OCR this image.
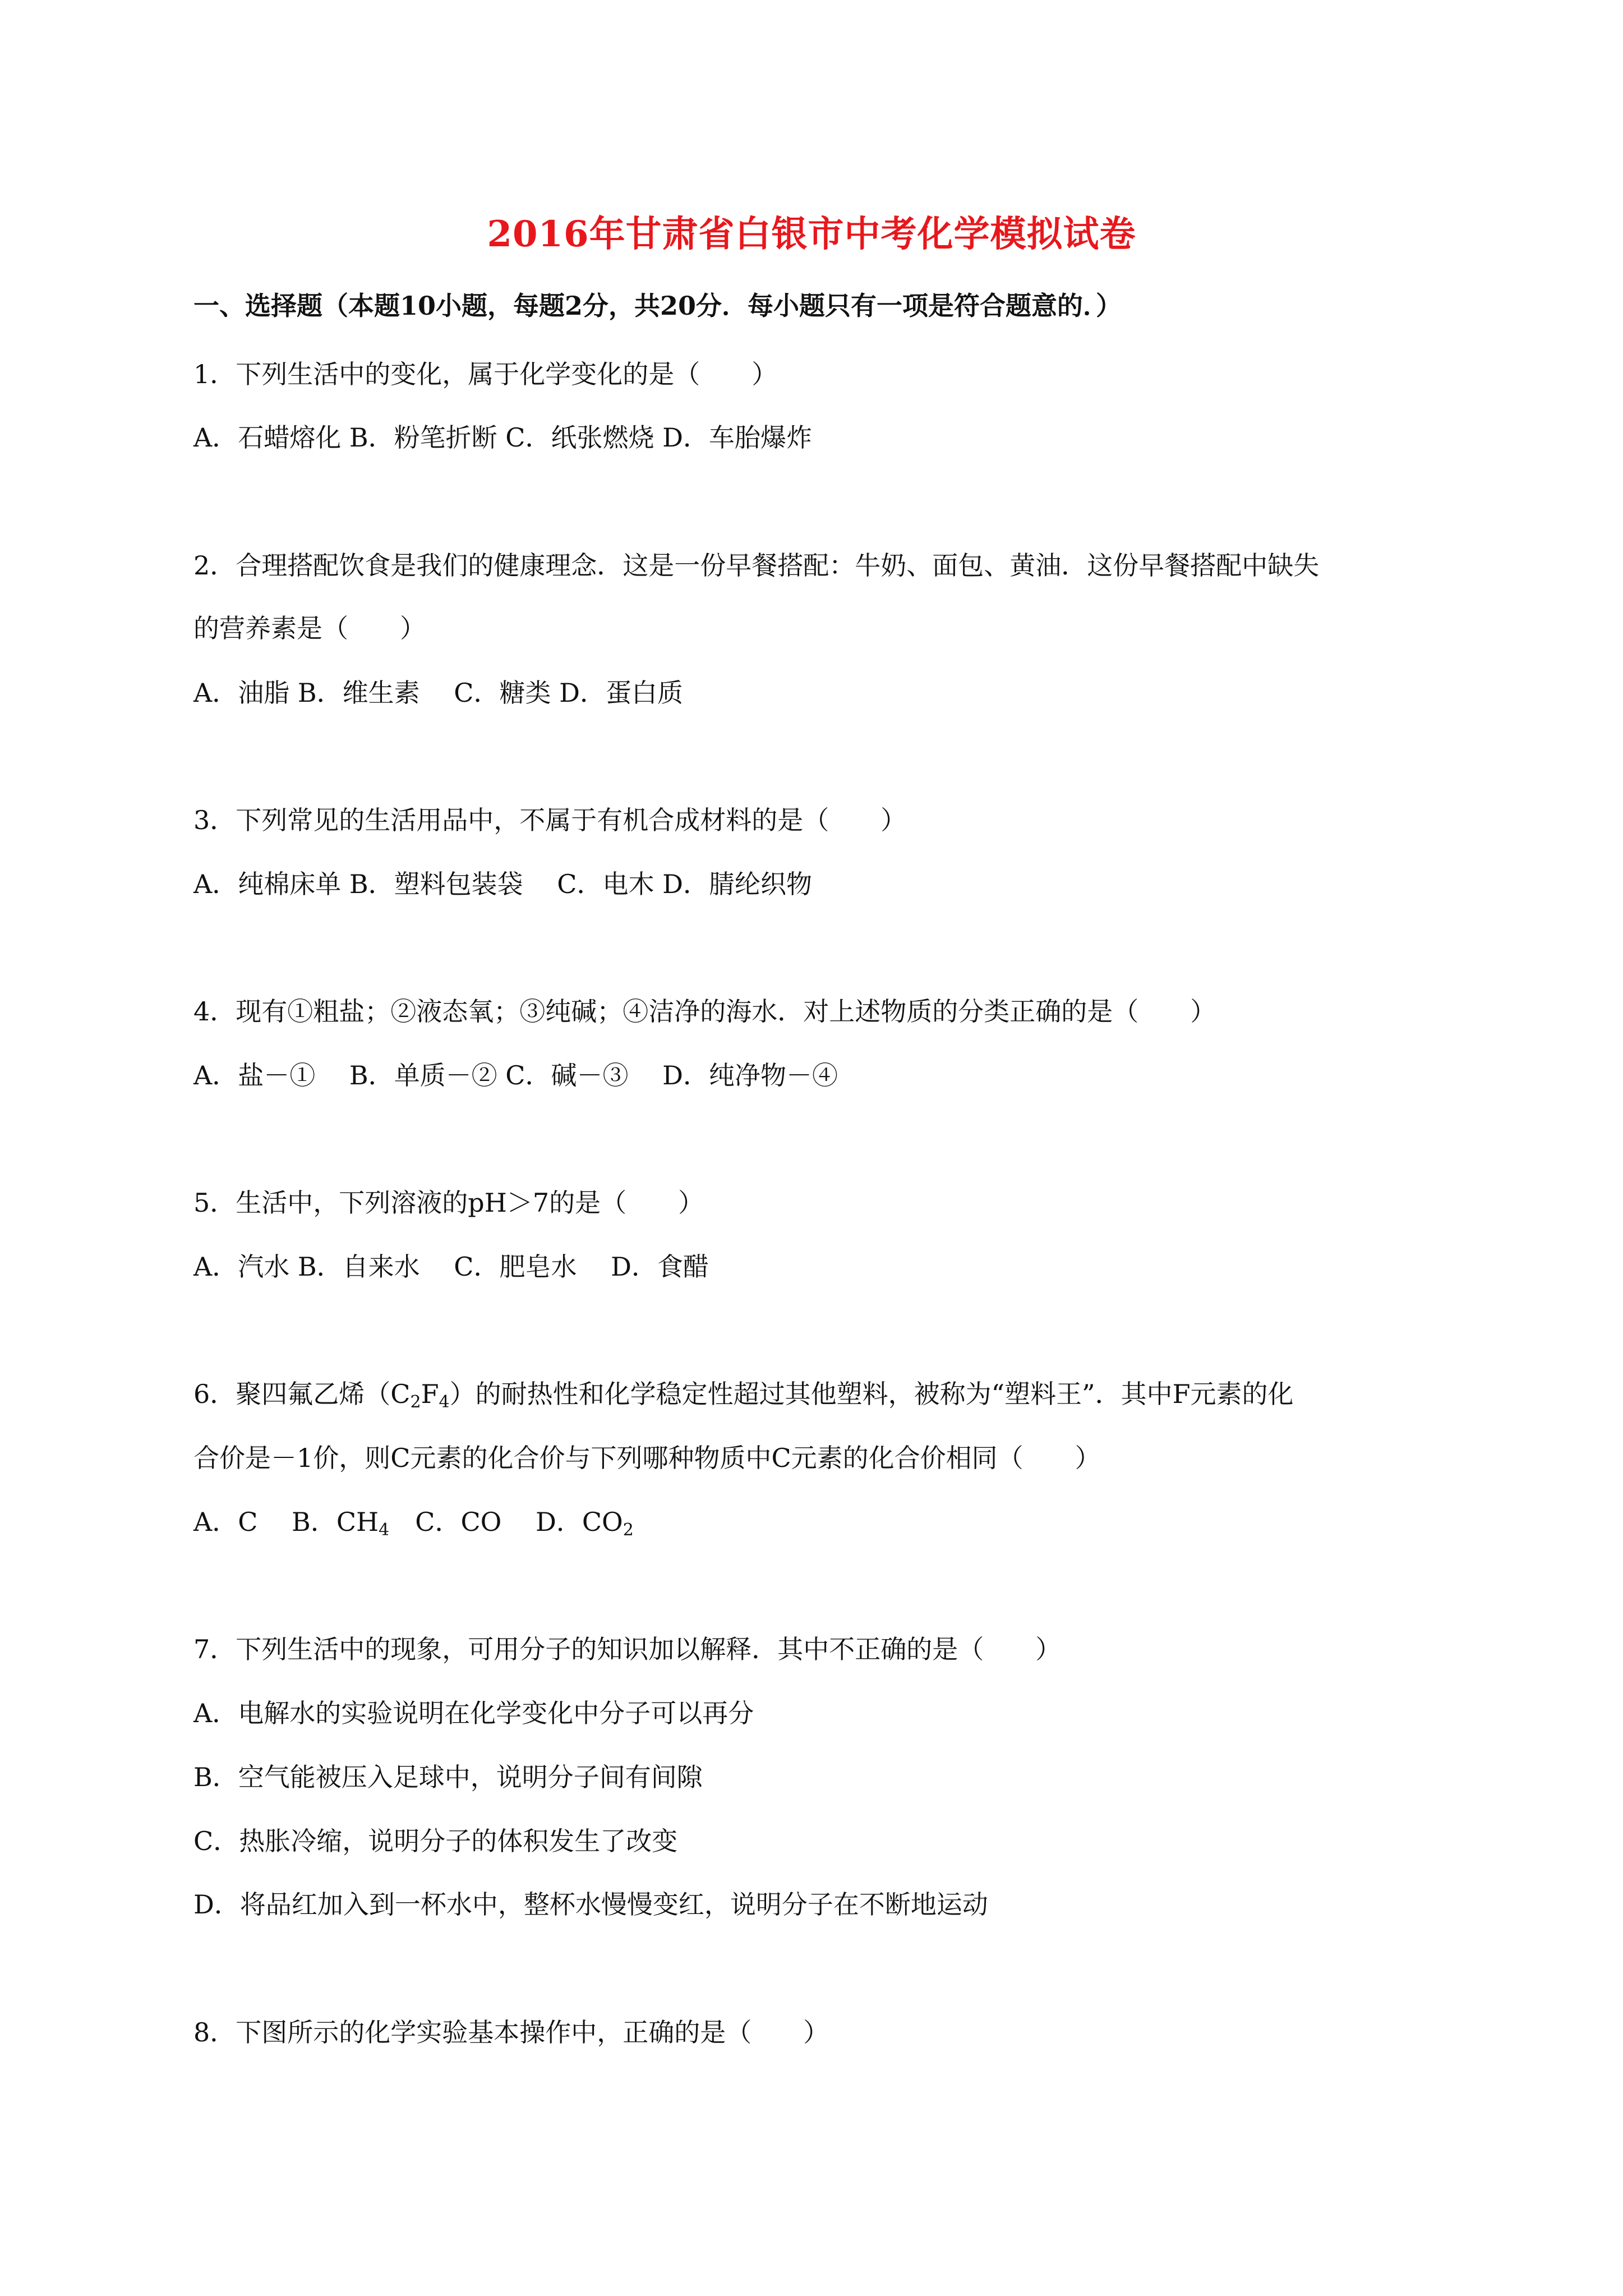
2016年甘肃省白银市中考化学模拟试卷
一、选择题（本题10小题，每题2分，共20分．每小题只有一项是符合题意的．）
1．下列生活中的变化，属于化学变化的是（　　）
A．石蜡熔化 B．粉笔折断 C．纸张燃烧 D．车胎爆炸
2．合理搭配饮食是我们的健康理念．这是一份早餐搭配：牛奶、面包、黄油．这份早餐搭配中缺失
的营养素是（　　）
A．油脂 B．维生素　 C．糖类 D．蛋白质
3．下列常见的生活用品中，不属于有机合成材料的是（　　）
A．纯棉床单 B．塑料包装袋　 C．电木 D．腈纶织物
4．现有①粗盐；②液态氧；③纯碱；④洁净的海水．对上述物质的分类正确的是（　　）
A．盐－①　 B．单质－② C．碱－③　 D．纯净物－④
5．生活中，下列溶液的pH＞7的是（　　）
A．汽水 B．自来水　 C．肥皂水　 D．食醋
6．聚四氟乙烯$(C_2F_4)$的耐热性和化学稳定性超过其他塑料，被称为“塑料王”．其中F元素的化
合价是－1价，则C元素的化合价与下列哪种物质中C元素的化合价相同（　　）
A．C　 B．$CH_4$　C．CO　 D．$CO_2$
7．下列生活中的现象，可用分子的知识加以解释．其中不正确的是（　　）
A．电解水的实验说明在化学变化中分子可以再分
B．空气能被压入足球中，说明分子间有间隙
C．热胀冷缩，说明分子的体积发生了改变
D．将品红加入到一杯水中，整杯水慢慢变红，说明分子在不断地运动
8．下图所示的化学实验基本操作中，正确的是（　　）
